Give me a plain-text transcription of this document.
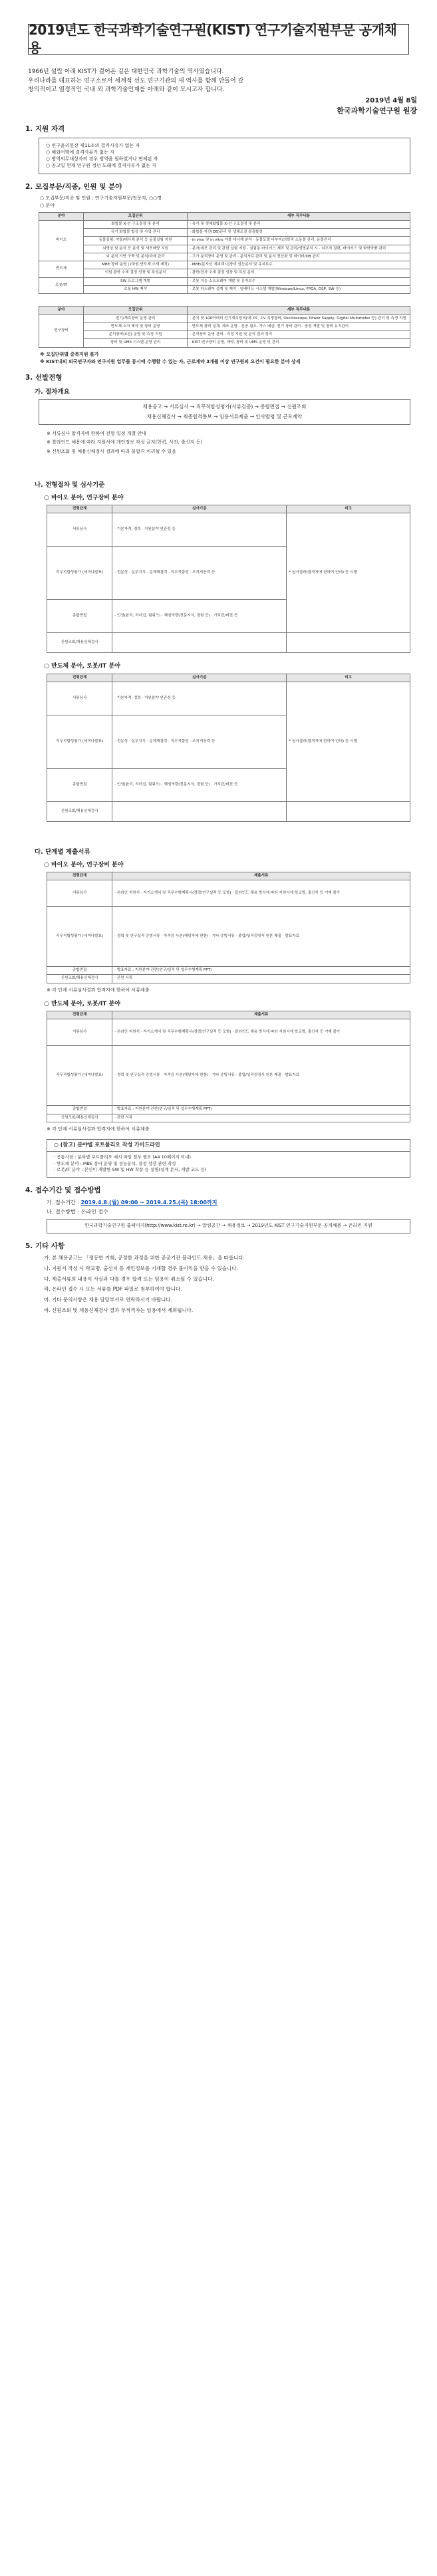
2019년도 한국과학기술연구원(KIST) 연구기술지원부문 공개채용

1966년 설립 이래 KIST가 걸어온 길은 대한민국 과학기술의 역사였습니다.

우리나라를 대표하는 연구소로서 세계적 선도 연구기관의 새 역사를 함께 만들어 갈

창의적이고 열정적인 국내 외 과학기술인재를 아래와 같이 모시고자 합니다.

2019년 4월 8일
한국과학기술연구원 원장
1. 지원 자격

○ 연구윤리헌장 제11조의 결격사유가 없는 자

○ 해외여행에 결격사유가 없는 자

○ 병역의무대상자의 경우 병역을 필하였거나 면제된 자

○ 공고일 현재 연구원 정년 도래에 결격사유가 없는 자

2. 모집부문/직종, 인원 및 분야
○ 모집부문/직종 및 인원 : 연구기술지원부문/전문직, ○○명
○ 분야
분야	모집단위	세부 직무내용
바이오	화합물 X-선 구조결정 및 분석	· 유기 및 생체화합물 X-선 구조결정 및 분석
	유기 화합물 합성 및 사업 관리	· 화합물 자산(DB)관리 및 생체조절 물질합성
	동물실험, 약물/대사체 분석 등 동물실험 지원	· in vivo 및 in vitro 약물 대사체 분석 · 동물모델 다부지/의학적 소동물 관리, 동물관리
	뇌영상 및 분석 등 분석 및 세포배양 지원	· 분자/세포 관리 및 관련 실험 지원 · 실험동 바이러스 제작 및 관리/생명분석 시 · 뇌조직 절편, 바이러스 및 화학약품 관리
	뇌 분석 기반 구축 및 분석/과제 관리	· 고가 분석장비 운영 및 관리 · 분석자료 관리 및 분석 전산화 및 데이터/DB 관리
반도체	MBE 장비 운영 (2차원 반도체 소재 제작)	· MBE(분자선 에피택시)장비 성능분석 및 유지보수
	이원 광학 소재 결정 성장 및 특성분석	· 광학/전자 소재 결정 성장 및 특성 분석
로봇/IT	SW 프로그램 개발	· 로봇 지능 소프트웨어 개발 및 유지보수
	로봇 HW 제작	· 로봇 하드웨어 설계 및 제작 · 임베디드 시스템 개발(Windows/Linux, FPGA, DSP, SW 등)
분야	모집단위	세부 직무내용
연구장비	전기/계측장비 운영 관리	· 분야 및 100여대의 전기계측장비(예: PC, CV 측정장비, Oscilloscope, Power Supply, Digital Multimeter 등) 관리 및 측정 지원
	반도체 소자 제작 및 장비 운영	· 반도체 장비 설계, 제조 운영 · 진공 펌프, 가스 배관, 전기 장비 관리 · 공정 개발 및 장비 유지관리
	분석장비(X선) 운영 및 측정 지원	· 분석장비 운영 관리 · 측정 지원 및 분석 결과 정리
	장비 및 UMS 시스템 운영 관리	· KIST 연구장비 운영, 예약, 장비 및 UMS 운영 및 관리
※ 모집단위별 중복지원 불가
※ KIST내의 외국연구자와 연구지원 업무를 동시에 수행할 수 있는 자, 근로계약 3개월 이상 연구원의 요건이 필요한 분야 상세
3. 선발전형
가. 절차개요
채용공고 → 서류심사 → 직무적합성평가(서류검증) → 종합면접 → 신원조회
채용신체검사 → 최종합격통보 → 임용서류제출 → 인사발령 및 근로계약
※ 서류심사 합격자에 한하여 전형 일정 개별 안내
※ 블라인드 채용에 따라 지원서에 개인정보 작성 금지(학력, 사진, 출신지 등)
※ 신원조회 및 채용신체검사 결과에 따라 불합격 처리될 수 있음
나. 전형절차 및 심사기준
○ 바이오 분야, 연구장비 분야
전형단계	심사기준	비고
서류심사	· 기본자격, 경력 · 지원분야 연관성 등	* 심사결과(합격자에 한하여 안내) 등 시행
직무적합성평가 (세미나발표)	· 전문성 · 실무지식 · 문제해결력 · 직무적합성 · 조직적응력 등	
종합면접	· 인성(윤리, 리더십, 팀워크) · 핵심역량(전문지식, 경험 등) · 가치관/비전 등	
신원조회/채용신체검사		
○ 반도체 분야, 로봇/IT 분야
전형단계	심사기준	비고
서류심사	· 기본자격, 경력 · 지원분야 연관성 등	* 심사결과(합격자에 한하여 안내) 등 시행
직무적합성평가 (세미나발표)	· 전문성 · 실무지식 · 문제해결력 · 직무적합성 · 조직적응력 등	
종합면접	· 인성(윤리, 리더십, 팀워크) · 핵심역량(전문지식, 경험 등) · 가치관/비전 등	
신원조회/채용신체검사		
다. 단계별 제출서류
○ 바이오 분야, 연구장비 분야
전형단계	제출서류
서류심사	· 온라인 지원서 · 자기소개서 및 직무수행계획서(경력/연구실적 등 포함) · 블라인드 채용 방식에 따라 지원서에 학교명, 출신지 등 기재 불가
직무적합성평가 (세미나발표)	· 경력 및 연구실적 증빙서류 · 자격증 사본(해당자에 한함) · 기타 증빙서류 · 졸업/성적증명서 원본 제출 · 발표자료
종합면접	· 발표자료 : 지원분야 관련(연구/실적 및 업무수행계획 PPT)
신원조회/채용신체검사	· 관련 서류
※ 각 단계 서류심사결과 합격자에 한하여 서류제출
○ 반도체 분야, 로봇/IT 분야
전형단계	제출서류
서류심사	· 온라인 지원서 · 자기소개서 및 직무수행계획서(경력/연구실적 등 포함) · 블라인드 채용 방식에 따라 지원서에 학교명, 출신지 등 기재 불가
직무적합성평가 (세미나발표)	· 경력 및 연구실적 증빙서류 · 자격증 사본(해당자에 한함) · 기타 증빙서류 · 졸업/성적증명서 원본 제출 · 발표자료
종합면접	· 발표자료 : 지원분야 관련(연구/실적 및 업무수행계획 PPT)
신원조회/채용신체검사	· 관련 서류
※ 각 단계 서류심사결과 합격자에 한하여 서류제출
○ (참고) 분야별 포트폴리오 작성 가이드라인

· 공통사항 : 분야별 포트폴리오 예시 파일 첨부 필요 (A4 10페이지 이내)

· 반도체 분야 : MBE 장비 운영 및 성능분석, 결정 성장 관련 작성

· 로봇/IT 분야 : 본인이 개발한 SW 및 HW 작품 등 설명(설계 문서, 개발 코드 등)

4. 접수기간 및 접수방법
가. 접수기간 : 2019.4.8.(월) 09:00 ~ 2019.4.25.(목) 18:00까지
나. 접수방법 : 온라인 접수
한국과학기술연구원 홈페이지(http://www.kist.re.kr) → 알림공간 → 채용정보 → 2019년도 KIST 연구기술지원부문 공개채용 → 온라인 지원
5. 기타 사항

가. 본 채용공고는 「평등한 기회, 공정한 과정을 위한 공공기관 블라인드 채용」을 따릅니다.

나. 지원서 작성 시 학교명, 출신지 등 개인정보를 기재할 경우 불이익을 받을 수 있습니다.

다. 제출서류의 내용이 사실과 다를 경우 합격 또는 임용이 취소될 수 있습니다.

라. 온라인 접수 시 모든 서류를 PDF 파일로 첨부하여야 합니다.

마. 기타 문의사항은 채용 담당부서로 연락하시기 바랍니다.

바. 신원조회 및 채용신체검사 결과 부적격자는 임용에서 제외됩니다.
